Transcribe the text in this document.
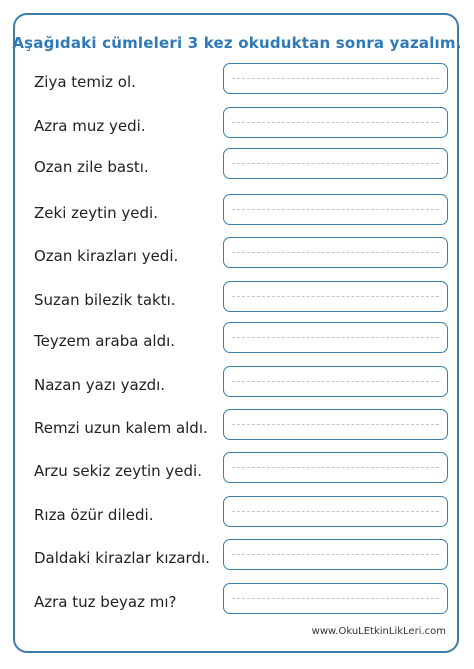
Aşağıdaki cümleleri 3 kez okuduktan sonra yazalım.
Ziya temiz ol.
Azra muz yedi.
Ozan zile bastı.
Zeki zeytin yedi.
Ozan kirazları yedi.
Suzan bilezik taktı.
Teyzem araba aldı.
Nazan yazı yazdı.
Remzi uzun kalem aldı.
Arzu sekiz zeytin yedi.
Rıza özür diledi.
Daldaki kirazlar kızardı.
Azra tuz beyaz mı?
www.OkuLEtkinLikLeri.com
